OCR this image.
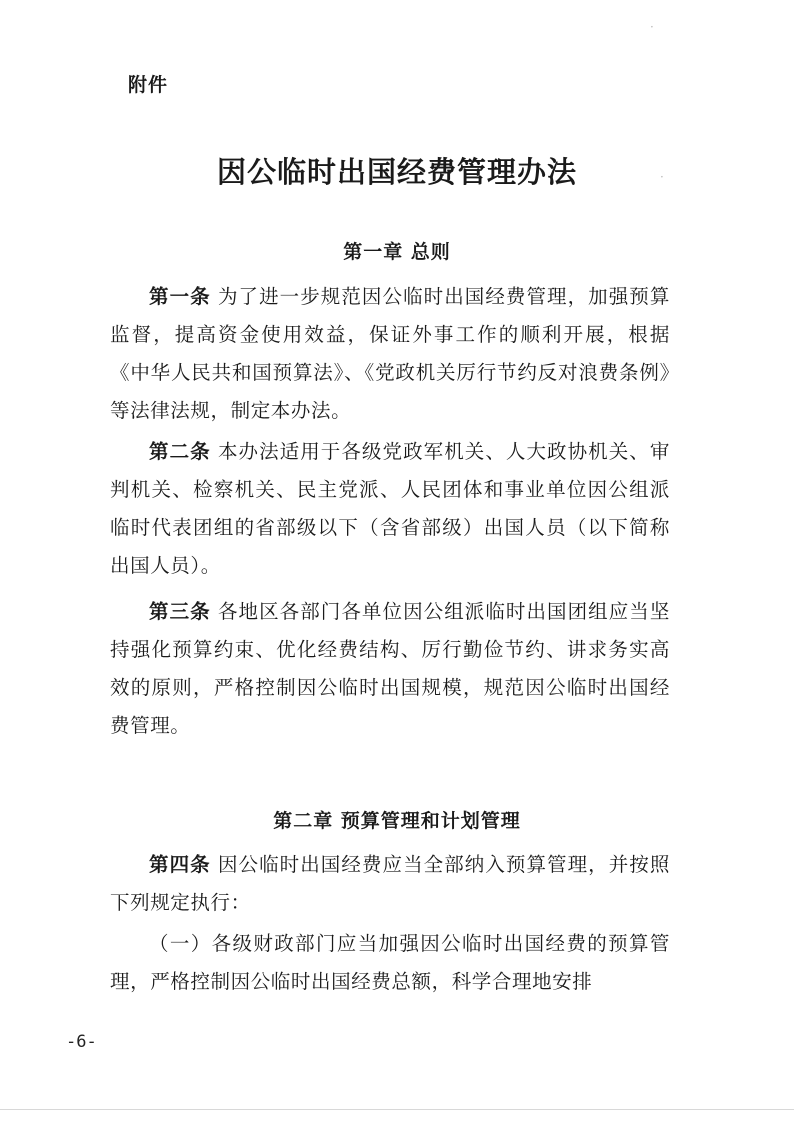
附件
因公临时出国经费管理办法
第一章 总则

第一条 为了进一步规范因公临时出国经费管理，加强预算监督，提高资金使用效益，保证外事工作的顺利开展，根据《中华人民共和国预算法》、《党政机关厉行节约反对浪费条例》等法律法规，制定本办法。

第二条 本办法适用于各级党政军机关、人大政协机关、审判机关、检察机关、民主党派、人民团体和事业单位因公组派临时代表团组的省部级以下（含省部级）出国人员（以下简称出国人员）。

第三条 各地区各部门各单位因公组派临时出国团组应当坚持强化预算约束、优化经费结构、厉行勤俭节约、讲求务实高效的原则，严格控制因公临时出国规模，规范因公临时出国经费管理。

第二章 预算管理和计划管理

第四条 因公临时出国经费应当全部纳入预算管理，并按照下列规定执行：

（一）各级财政部门应当加强因公临时出国经费的预算管理，严格控制因公临时出国经费总额，科学合理地安排

-6-
·
·
